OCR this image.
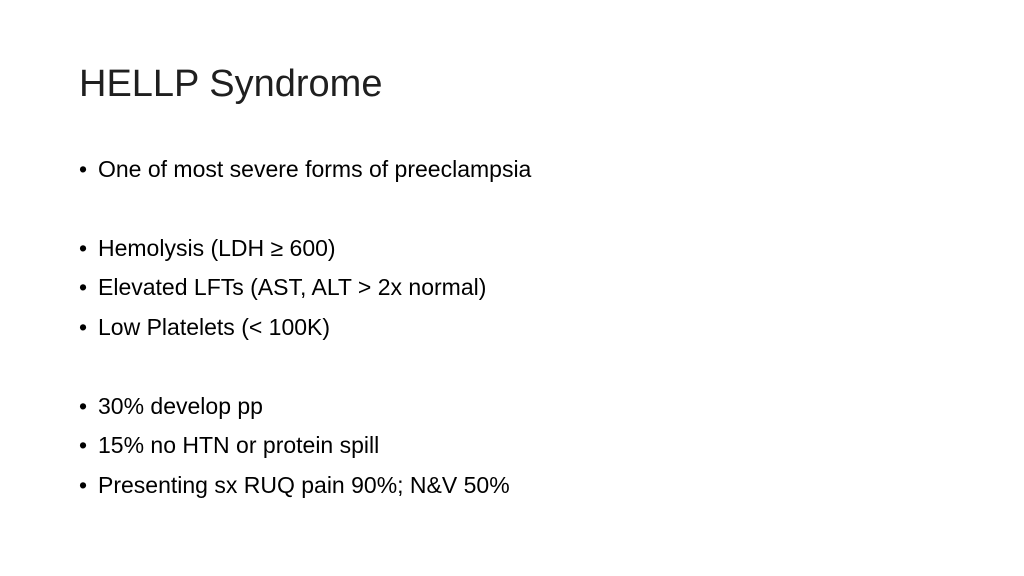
HELLP Syndrome
• One of most severe forms of preeclampsia
• Hemolysis (LDH ≥ 600)
• Elevated LFTs (AST, ALT > 2x normal)
• Low Platelets (< 100K)
• 30% develop pp
• 15% no HTN or protein spill
• Presenting sx RUQ pain 90%; N&V 50%
